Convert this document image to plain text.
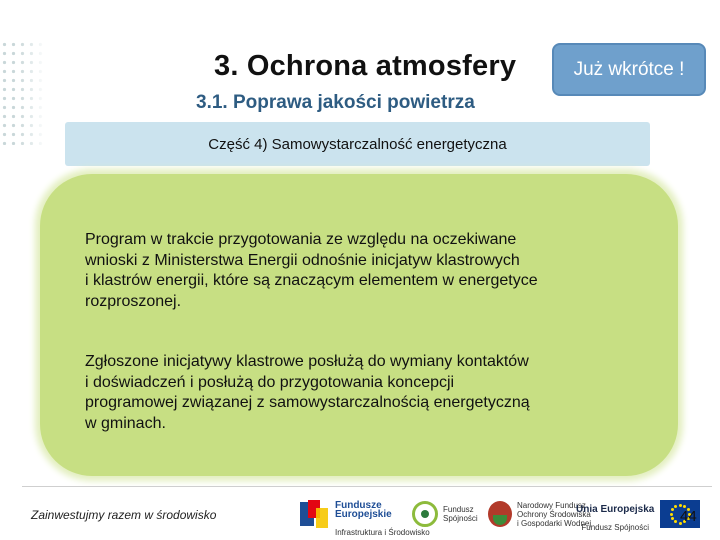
3. Ochrona atmosfery
3.1. Poprawa jakości powietrza
Już wkrótce !
Część 4) Samowystarczalność energetyczna
Program w trakcie przygotowania ze względu na oczekiwane
wnioski z Ministerstwa Energii odnośnie inicjatyw klastrowych
i klastrów energii, które są znaczącym elementem w energetyce
rozproszonej.
Zgłoszone inicjatywy klastrowe posłużą do wymiany kontaktów
i doświadczeń i posłużą do przygotowania koncepcji
programowej związanej z samowystarczalnością energetyczną
w gminach.
Zainwestujmy razem w środowisko

Fundusze
Europejskie

Infrastruktura i Środowisko

Fundusz
Spójności
Narodowy Fundusz
Ochrony Środowiska
i Gospodarki Wodnej

Unia Europejska

Fundusz Spójności

44
